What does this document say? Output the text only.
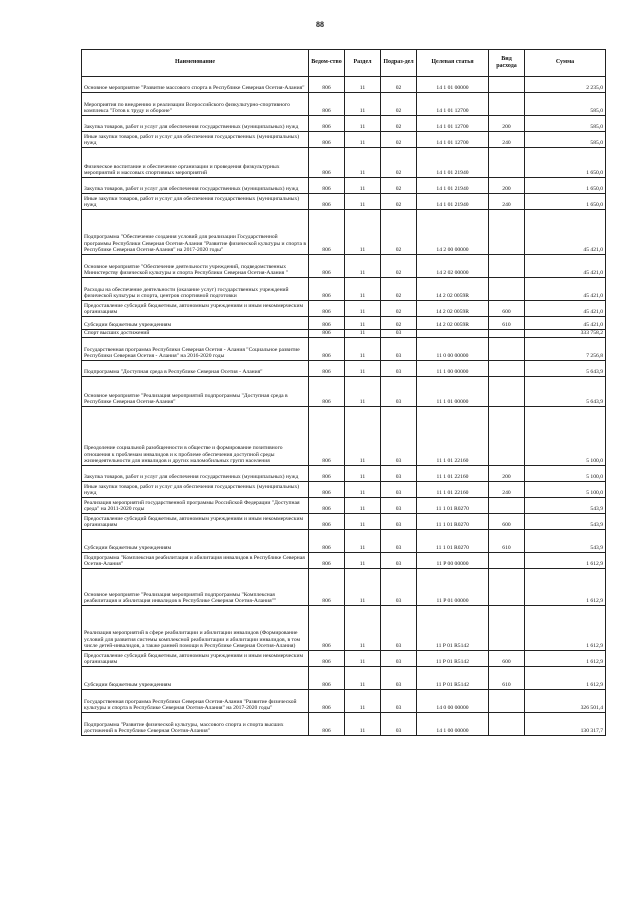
88
Наименование	Ведом-ство	Раздел	Подраз-дел	Целевая статья	Вид расхода	Сумма
Основное мероприятие "Развитие массового спорта в Республике Северная Осетия-Алания"	806	11	02	14 1 01 00000		2 235,0
Мероприятия по внедрению и реализации Всероссийского физкультурно-спортивного комплекса "Готов к труду и обороне"	806	11	02	14 1 01 12700		585,0
Закупка товаров, работ и услуг для обеспечения государственных (муниципальных) нужд	806	11	02	14 1 01 12700	200	585,0
Иные закупки товаров, работ и услуг для обеспечения государственных (муниципальных) нужд	806	11	02	14 1 01 12700	240	585,0
Физическое воспитание и обеспечение организации и проведения физкультурных мероприятий и массовых спортивных мероприятий	806	11	02	14 1 01 21940		1 650,0
Закупка товаров, работ и услуг для обеспечения государственных (муниципальных) нужд	806	11	02	14 1 01 21940	200	1 650,0
Иные закупки товаров, работ и услуг для обеспечения государственных (муниципальных) нужд	806	11	02	14 1 01 21940	240	1 650,0
Подпрограмма "Обеспечение создания условий для реализации Государственной программы Республики Северная Осетия-Алания "Развитие физической культуры и спорта в Республике Северная Осетия-Алания" на 2017-2020 годы"	806	11	02	14 2 00 00000		45 421,0
Основное мероприятие "Обеспечение деятельности учреждений, подведомственных Министерству физической культуры и спорта Республики Северная Осетия-Алания "	806	11	02	14 2 02 00000		45 421,0
Расходы на обеспечение деятельности (оказание услуг) государственных учреждений физической культуры и спорта, центров спортивной подготовки	806	11	02	14 2 02 0059R		45 421,0
Предоставление субсидий бюджетным, автономным учреждениям и иным некоммерческим организациям	806	11	02	14 2 02 0059R	600	45 421,0
Субсидии бюджетным учреждениям	806	11	02	14 2 02 0059R	610	45 421,0
Спорт высших достижений	806	11	03			333 758,2
Государственная программа Республики Северная Осетия - Алания "Социальное развитие Республики Северная Осетия - Алания" на 2016-2020 годы	806	11	03	11 0 00 00000		7 256,8
Подпрограмма "Доступная среда в Республике Северная Осетия - Алания"	806	11	03	11 1 00 00000		5 643,9
Основное мероприятие "Реализация мероприятий подпрограммы "Доступная среда в Республике Северная Осетия-Алания"	806	11	03	11 1 01 00000		5 643,9
Преодоление социальной разобщенности в обществе и формирование позитивного отношения к проблемам инвалидов и к проблеме обеспечения доступной среды жизнедеятельности для инвалидов и других маломобильных групп населения	806	11	03	11 1 01 22160		5 100,0
Закупка товаров, работ и услуг для обеспечения государственных (муниципальных) нужд	806	11	03	11 1 01 22160	200	5 100,0
Иные закупки товаров, работ и услуг для обеспечения государственных (муниципальных) нужд	806	11	03	11 1 01 22160	240	5 100,0
Реализация мероприятий государственной программы Российской Федерации "Доступная среда" на 2011-2020 годы	806	11	03	11 1 01 R0270		543,9
Предоставление субсидий бюджетным, автономным учреждениям и иным некоммерческим организациям	806	11	03	11 1 01 R0270	600	543,9
Субсидии бюджетным учреждениям	806	11	03	11 1 01 R0270	610	543,9
Подпрограмма "Комплексная реабилитация и абилитация инвалидов в Республике Северная Осетия-Алания"	806	11	03	11 P 00 00000		1 612,9
Основное мероприятие "Реализация мероприятий подпрограммы "Комплексная реабилитация и абилитация инвалидов в Республике Северная Осетия-Алания""	806	11	03	11 P 01 00000		1 612,9
Реализация мероприятий в сфере реабилитации и абилитации инвалидов (Формирование условий для развития системы комплексной реабилитации и абилитации инвалидов, в том числе детей-инвалидов, а также ранней помощи в Республике Северная Осетия-Алания)	806	11	03	11 P 01 R5142		1 612,9
Предоставление субсидий бюджетным, автономным учреждениям и иным некоммерческим организациям	806	11	03	11 P 01 R5142	600	1 612,9
Субсидии бюджетным учреждениям	806	11	03	11 P 01 R5142	610	1 612,9
Государственная программа Республики Северная Осетия-Алания "Развитие физической культуры и спорта в Республике Северная Осетия-Алания" на 2017-2020 годы"	806	11	03	14 0 00 00000		326 501,4
Подпрограмма "Развитие физической культуры, массового спорта и спорта высших достижений в Республике Северная Осетия-Алания"	806	11	03	14 1 00 00000		130 317,7
